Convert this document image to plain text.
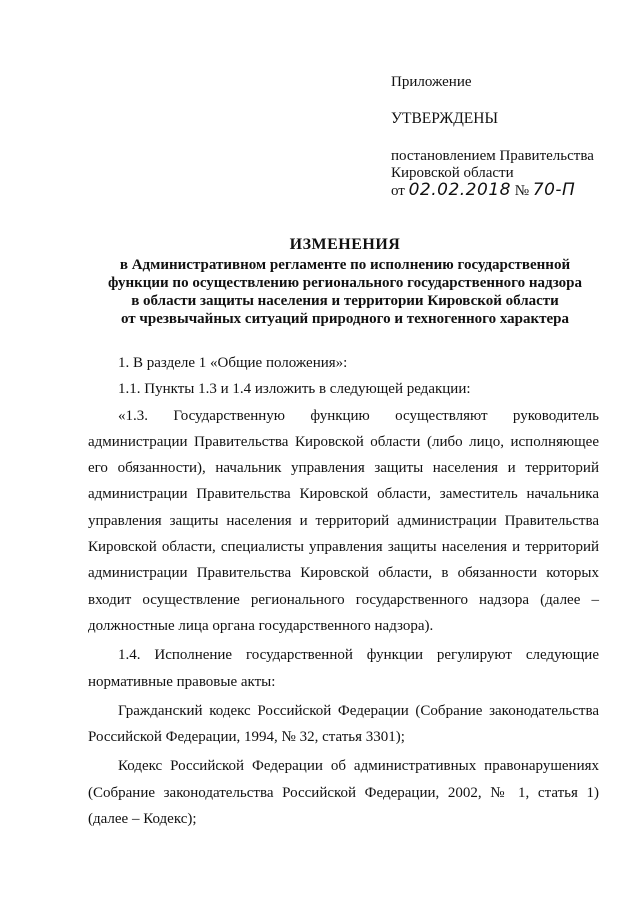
Приложение
УТВЕРЖДЕНЫ
постановлением Правительства
Кировской области
от 02.02.2018 № 70-П
ИЗМЕНЕНИЯ
в Административном регламенте по исполнению государственной
функции по осуществлению регионального государственного надзора
в области защиты населения и территории Кировской области
от чрезвычайных ситуаций природного и техногенного характера

1. В разделе 1 «Общие положения»:

1.1. Пункты 1.3 и 1.4 изложить в следующей редакции:

«1.3. Государственную функцию осуществляют руководитель администрации Правительства Кировской области (либо лицо, исполняющее его обязанности), начальник управления защиты населения и территорий администрации Правительства Кировской области, заместитель начальника управления защиты населения и территорий администрации Правительства Кировской области, специалисты управления защиты населения и территорий администрации Правительства Кировской области, в обязанности которых входит осуществление регионального государственного надзора (далее – должностные лица органа государственного надзора).

1.4. Исполнение государственной функции регулируют следующие нормативные правовые акты:

Гражданский кодекс Российской Федерации (Собрание законодательства Российской Федерации, 1994, № 32, статья 3301);

Кодекс Российской Федерации об административных правонарушениях (Собрание законодательства Российской Федерации, 2002, № 1, статья 1) (далее – Кодекс);
